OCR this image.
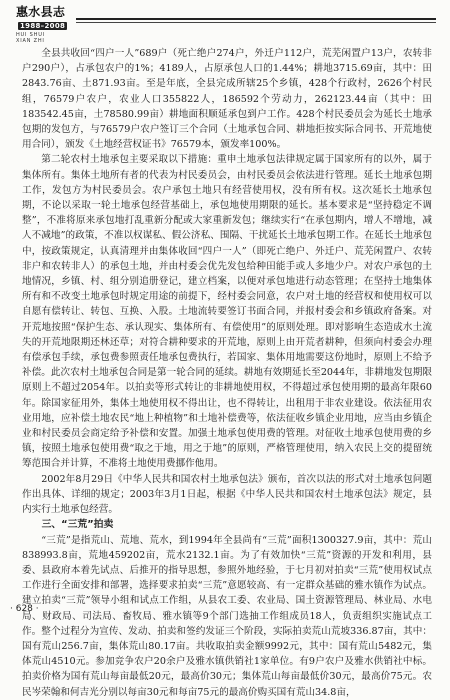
惠水县志1988–2008
HUI SHUI
XIAN ZHI

全县共收回“四户一人”689户（死亡绝户274户，外迁户112户，荒芜闲置户13户，农转非户290户），占承包农户的1%；4189人，占原承包人口的1.44%；耕地3715.69亩，其中：田2843.76亩、土871.93亩。至是年底，全县完成所辖25个乡镇，428个行政村，2626个村民组，76579户农户，农业人口355822人，186592个劳动力，262123.44亩（其中：田183542.45亩，土78580.99亩）耕地面积顺延承包到户工作。428个村民委员会为延长土地承包期的发包方，与76579户农户签订三个合同（土地承包合同、耕地拒按实际合同书、开荒地使用合同），颁发《土地经营权证书》76579本，颁发率100%。

第二轮农村土地承包主要采取以下措施：重申土地承包法律规定属于国家所有的以外，属于集体所有。集体土地所有者的代表为村民委员会，由村民委员会依法进行管理。延长土地承包期工作，发包方为村民委员会。农户承包土地只有经营使用权，没有所有权。这次延长土地承包期，不论以采取一轮土地承包经营基础上，承包地使用期限的延长。基本要求是“坚持稳定不调整”，不准将原来承包地打乱重新分配或大家重新发包；继续实行“在承包期内，增人不增地，减人不减地”的政策，不准以权谋私、假公济私、围隔、干扰延长土地承包期工作。在延长土地承包中，按政策规定，认真清理并由集体收回“四户一人”（即死亡绝户、外迁户、荒芜闲置户、农转非户和农转非人）的承包土地，并由村委会优先发包给种田能手或人多地少户。对农户承包的土地情况，乡镇、村、组分别追册登记，建立档案，以便对承包地进行动态管理；在坚持土地集体所有和不改变土地承包时规定用途的前提下，经村委会同意，农户对土地的经营权和使用权可以自愿有偿转让、转包、互换、入股。土地流转要签订书面合同，并报村委会和乡镇政府备案。对开荒地按照“保护生态、承认现实、集体所有、有偿使用”的原则处理。即对影响生态造成水土流失的开荒地限期还林还草；对符合耕种要求的开荒地，原则上由开荒者耕种，但须向村委会办理有偿承包手续，承包费参照责任地承包费执行，若国家、集体用地需要这份地时，原则上不给予补偿。此次农村土地承包合同是第一轮合同的延续。耕地有效期延长至2044年，非耕地发包期限原则上不超过2054年。以拍卖等形式转让的非耕地使用权，不得超过承包使用期的最高年限60年。除国家征用外，集体土地使用权不得出让，也不得转让，出租用于非农业建设。依法征用农业用地，应补偿土地农民“地上种植物”和土地补偿费等，依法征收乡镇企业用地，应当由乡镇企业和村民委员会商定给予补偿和安置。加强土地承包使用费的管理。对征收土地承包使用费的乡镇，按照土地承包使用费“取之于地，用之于地”的原则，严格管理使用，纳入农民上交的提留统筹范围合并计算，不准将土地使用费挪作他用。

2002年8月29日《中华人民共和国农村土地承包法》颁布，首次以法的形式对土地承包问题作出具体、详细的规定；2003年3月1日起，根据《中华人民共和国农村土地承包法》规定，县内实行土地承包经营。

三、“三荒”拍卖

“三荒”是指荒山、荒地、荒水，到1994年全县尚有“三荒”面积1300327.9亩，其中：荒山838993.8亩，荒地459202亩，荒水2132.1亩。为了有效加快“三荒”资源的开发和利用，县委、县政府本着先试点、后推开的指导思想，参照外地经验，于七月初对拍卖“三荒”使用权试点工作进行全面安排和部署，选择要求拍卖“三荒”意愿较高、有一定群众基础的雅水镇作为试点。建立拍卖“三荒”领导小组和试点工作组，从县农工委、农业局、国土资源管理局、林业局、水电局、财政局、司法局、畜牧局、雅水镇等9个部门选抽工作组成员18人，负责组织实施试点工作。整个过程分为宣传、发动、拍卖和签约发证三个阶段，实际拍卖荒山荒坡336.87亩，其中：国有荒山256.7亩，集体荒山80.17亩。共收取拍卖金额9992元，其中：国有荒山5482元，集体荒山4510元。参加竞争农户20余户及雅水镇供销社1家单位。有9户农户及雅水供销社中标。拍卖价格为国有荒山每亩最低20元，最高价30元；集体荒山每亩最低价30元，最高价75元。农民岑荣翰和何吉光分别以每亩30元和每亩75元的最高价购买国有荒山34.8亩，

· 628 ·
